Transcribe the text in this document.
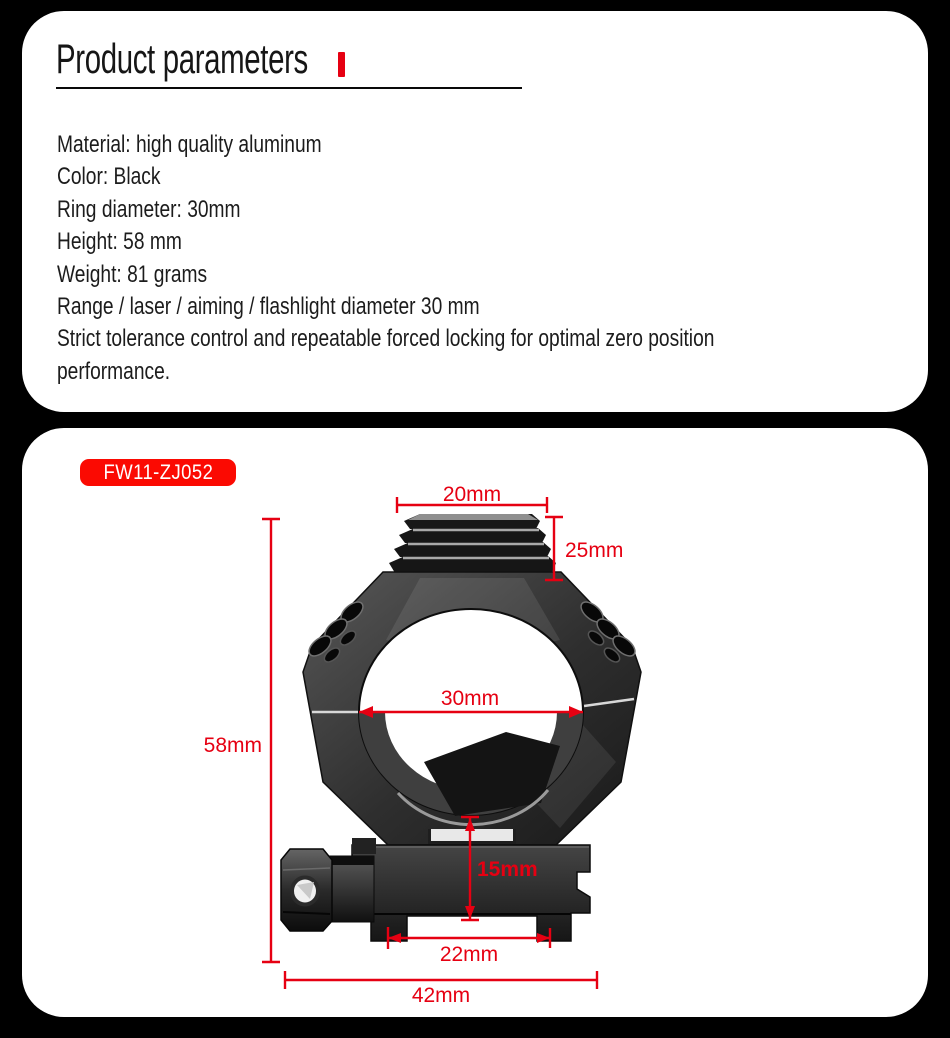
Product parameters
Material: high quality aluminum
Color: Black
Ring diameter: 30mm
Height: 58 mm
Weight: 81 grams
Range / laser / aiming / flashlight diameter 30 mm
Strict tolerance control and repeatable forced locking for optimal zero position
performance.
FW11-ZJ052
20mm
25mm
30mm
58mm
15mm
22mm
42mm
